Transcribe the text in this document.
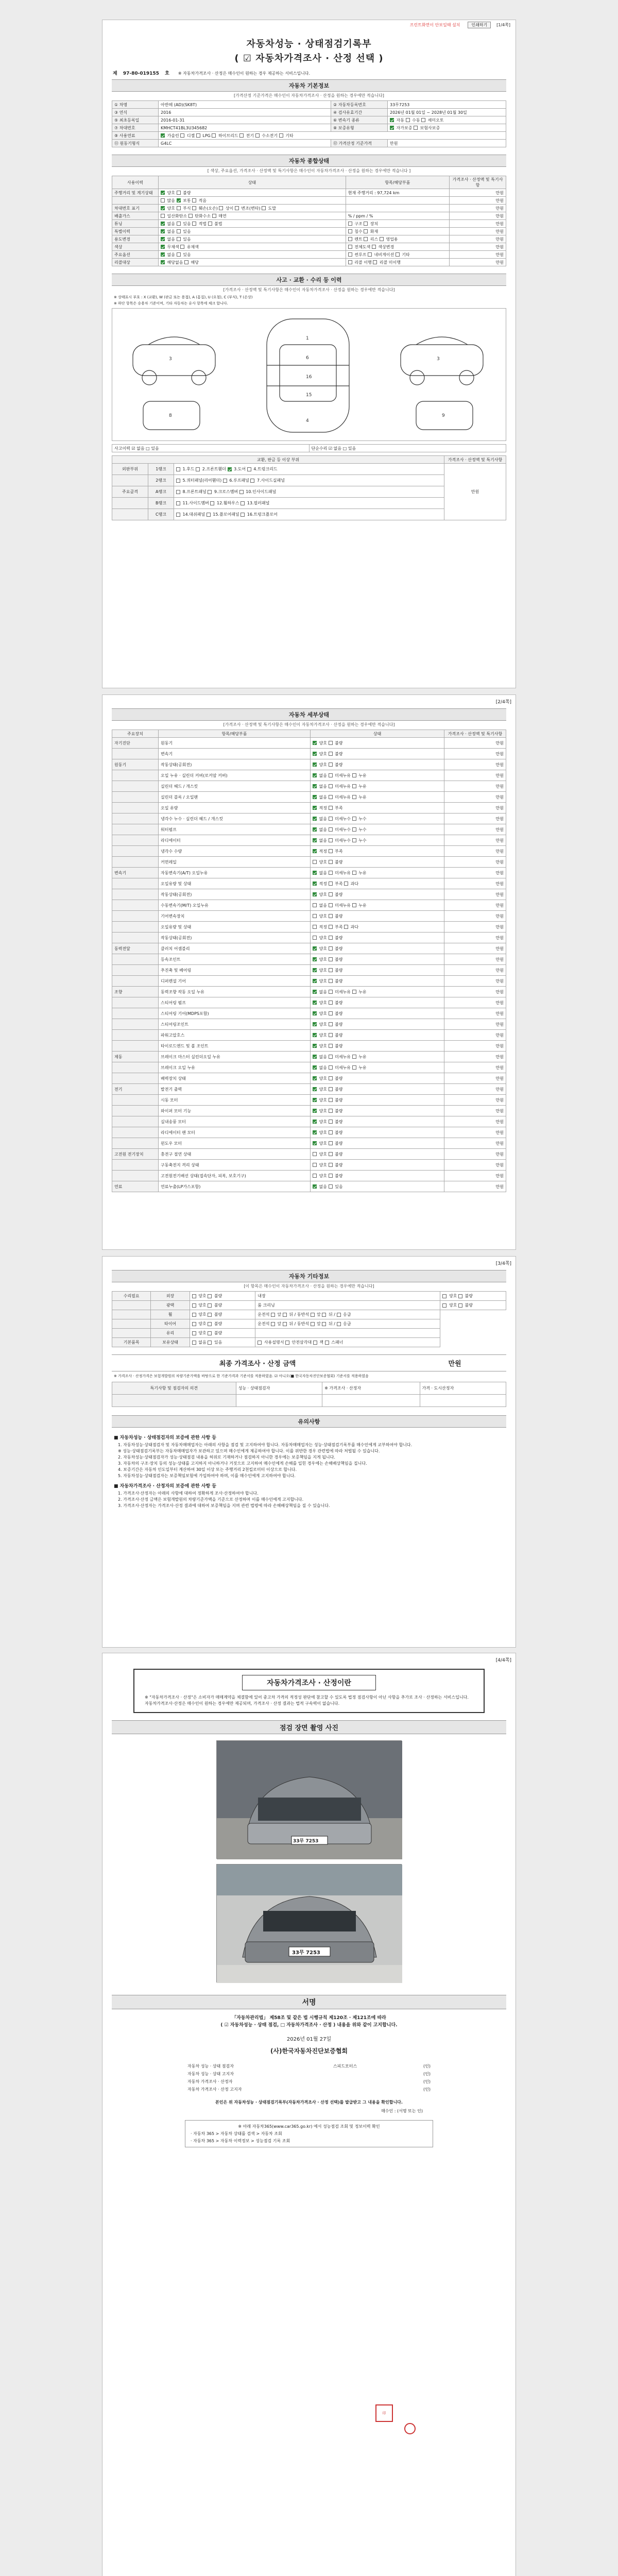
프린트화면이 안보일때 설치	인쇄하기 [1/4쪽]
자동차성능 · 상태점검기록부
( ☑ 자동차가격조사 · 산정 선택 )
제 97-80-019155 호 ※ 자동차가격조사 · 산정은 매수인이 원하는 경우 제공하는 서비스입니다.
자동차 기본정보
[가격산정 기준가격은 매수인이 자동차가격조사 · 산정을 원하는 경우에만 적습니다]
① 차명	아반떼 (AD)(SK8T)	② 자동차등록번호	33무7253
③ 연식	2016	④ 검사유효기간	2026년 01월 01일 ~ 2028년 01월 30일
⑤ 최초등록일	2016-01-31	⑥ 변속기 종류	자동  수동  세미오토
⑦ 차대번호	KMHCT41BL3U345682	⑧ 보증유형	자가보증  보험사보증
⑨ 사용연료	가솔린  디젤  LPG  하이브리드  전기  수소전기  기타		
⑪ 원동기형식	G4LC	⑫ 가격산정 기준가격	만원
자동차 종합상태
[ 색상, 주요옵션, 가격조사 · 산정액 및 특기사항은 매수인이 자동차가격조사 · 산정을 원하는 경우에만 적습니다 ]
사용이력	상태	항목/해당부품	가격조사 · 산정액 및 특기사항
주행거리 및 계기상태	양호  불량	현재 주행거리 : 97,724 km	만원
	많음  보통  적음		만원
차대번호 표기	양호  부식  훼손(오손)  상이  변조(변타)  도말		만원
배출가스	일산화탄소  탄화수소  매연	% / ppm / %	만원
튜닝	없음  있음  적법  불법	구조  장치	만원
특별이력	없음  있음	침수  화재	만원
용도변경	없음  있음	렌트  리스  영업용	만원
색상	무채색  유채색	전체도색  색상변경	만원
주요옵션	없음  있음	썬루프  네비게이션  기타	만원
리콜대상	해당없음  해당	리콜 이행  리콜 미이행	만원
사고 · 교환 · 수리 등 이력
[가격조사 · 산정액 및 특기사항은 매수인이 자동차가격조사 · 산정을 원하는 경우에만 적습니다]
※ 상태표시 부호 : X (교환), W (판금 또는 용접), A (흠집), U (요철), C (부식), T (손상)
※ 하단 항목은 승용차 기준이며, 기타 자동차는 유사 항목에 체크 합니다.
1
6
16
15
4
3	3
8	9
사고이력 ☑ 없음 □ 있음	단순수리 ☑ 없음 □ 있음
교환, 판금 등 이상 부위			가격조사 · 산정액 및 특기사항
외판부위	1랭크	1.후드  2.프론트휀더  3.도어  4.트렁크리드	만원
	2랭크	5.쿼터패널(리어휀더)  6.루프패널  7.사이드실패널	
주요골격	A랭크	8.프론트패널  9.크로스멤버  10.인사이드패널	
	B랭크	11.사이드멤버  12.휠하우스  13.필러패널	
	C랭크	14.대쉬패널  15.플로어패널  16.트렁크플로어	
[2/4쪽]
자동차 세부상태
[가격조사 · 산정액 및 특기사항은 매수인이 자동차가격조사 · 산정을 원하는 경우에만 적습니다]
주요장치	항목/해당부품	상태	가격조사 · 산정액 및 특기사항
자기진단	원동기	양호  불량	만원
	변속기	양호  불량	만원
원동기	작동상태(공회전)	양호  불량	만원
	오일 누유 · 실린더 커버(로커암 커버)	없음  미세누유  누유	만원
	실린더 헤드 / 개스킷	없음  미세누유  누유	만원
	실린더 블록 / 오일팬	없음  미세누유  누유	만원
	오일 유량	적정  부족	만원
	냉각수 누수 · 실린더 헤드 / 개스킷	없음  미세누수  누수	만원
	워터펌프	없음  미세누수  누수	만원
	라디에이터	없음  미세누수  누수	만원
	냉각수 수량	적정  부족	만원
	커먼레일	양호  불량	만원
변속기	자동변속기(A/T) 오일누유	없음  미세누유  누유	만원
	오일유량 및 상태	적정  부족  과다	만원
	작동상태(공회전)	양호  불량	만원
	수동변속기(M/T) 오일누유	없음  미세누유  누유	만원
	기어변속장치	양호  불량	만원
	오일유량 및 상태	적정  부족  과다	만원
	작동상태(공회전)	양호  불량	만원
동력전달	클러치 어셈블리	양호  불량	만원
	등속조인트	양호  불량	만원
	추진축 및 베어링	양호  불량	만원
	디퍼렌셜 기어	양호  불량	만원
조향	동력조향 작동 오일 누유	없음  미세누유  누유	만원
	스티어링 펌프	양호  불량	만원
	스티어링 기어(MDPS포함)	양호  불량	만원
	스티어링조인트	양호  불량	만원
	파워고압호스	양호  불량	만원
	타이로드엔드 및 볼 조인트	양호  불량	만원
제동	브레이크 마스터 실린더오일 누유	없음  미세누유  누유	만원
	브레이크 오일 누유	없음  미세누유  누유	만원
	배력장치 상태	양호  불량	만원
전기	발전기 출력	양호  불량	만원
	시동 모터	양호  불량	만원
	와이퍼 모터 기능	양호  불량	만원
	실내송풍 모터	양호  불량	만원
	라디에이터 팬 모터	양호  불량	만원
	윈도우 모터	양호  불량	만원
고전원 전기장치	충전구 절연 상태	양호  불량	만원
	구동축전지 격리 상태	양호  불량	만원
	고전원전기배선 상태(접속단자, 피복, 보호기구)	양호  불량	만원
연료	연료누출(LP가스포함)	없음  있음	만원
[3/4쪽]
자동차 기타정보
[이 항목은 매수인이 자동차가격조사 · 산정을 원하는 경우에만 적습니다]
수리필요	외장	양호  불량	내장	양호  불량
	광택	양호  불량	룸 크리닝	양호  불량
	휠	양호  불량	운전석  앞  뒤 / 동반석  앞  뒤 /  응급	
	타이어	양호  불량	운전석  앞  뒤 / 동반석  앞  뒤 /  응급	
	유리	양호  불량		
기본품목	보유상태	없음  있음	사용설명서  안전삼각대  잭  스패너	
최종 가격조사 · 산정 금액	만원
※ 가격조사 · 산정가격은 보험개발원의 차량기준가액을 바탕으로 한 기준가격과 기준서를 적용하였음. ☑ 아니오(■ 한국자동차진단보증협회) 기준서를 적용하였음
특기사항 및 점검자의 의견	성능 · 상태점검자	※ 가격조사 · 산정자	가격 · 도시산정자

유의사항
■ 자동차성능 · 상태점검자의 보증에 관한 사항 등
1. 자동차성능·상태점검자 및 자동차매매업자는 아래의 사항을 점검 및 고지하여야 합니다. 자동차매매업자는 성능·상태점검기록부를 매수인에게 교부하여야 합니다.
※ 성능·상태점검기록부는 자동차매매업자가 보관하고 있으며 매수인에게 제공하여야 합니다. 이를 위반한 경우 관련법에 따라 처벌될 수 있습니다.
2. 자동차성능·상태점검자가 성능·상태점검 내용을 허위로 기재하거나 점검하지 아니한 경우에는 보증책임을 지게 됩니다.
3. 자동차의 구조·장치 등의 성능·상태를 고지하지 아니하거나 거짓으로 고지하여 매수인에게 손해를 입힌 경우에는 손해배상책임을 집니다.
4. 보증기간은 자동차 인도일부터 계산하여 30일 이상 또는 주행거리 2천킬로미터 이상으로 합니다.
5. 자동차성능·상태점검자는 보증책임보험에 가입하여야 하며, 이를 매수인에게 고지하여야 합니다.
■ 자동차가격조사 · 산정자의 보증에 관한 사항 등
1. 가격조사·산정자는 아래의 사항에 대하여 정확하게 조사·산정하여야 합니다.
2. 가격조사·산정 금액은 보험개발원의 차량기준가액을 기준으로 산정하며 이를 매수인에게 고지합니다.
3. 가격조사·산정자는 가격조사·산정 결과에 대하여 보증책임을 지며 관련 법령에 따라 손해배상책임을 질 수 있습니다.
[4/4쪽]
자동차가격조사 · 산정이란
※ "자동차가격조사 · 산정"은 소비자가 매매계약을 체결함에 있어 중고차 가격의 적정성 판단에 참고할 수 있도록 법정 점검사항이 아닌 사항을 추가로 조사 · 산정하는 서비스입니다. 자동차가격조사·산정은 매수인이 원하는 경우에만 제공되며, 가격조사 · 산정 결과는 법적 구속력이 없습니다.
점검 장면 촬영 사진
33무 7253
33무 7253
서명
「자동차관리법」 제58조 및 같은 법 시행규칙 제120조 · 제121조에 따라
( ☑ 자동차성능 · 상태 점검, □ 자동차가격조사 · 산정 ) 내용을 위와 같이 고지합니다.
2026년 01월 27일
(사)한국자동차진단보증협회
印
자동차 성능 · 상태 점검자	스피드모터스	(인)
자동차 성능 · 상태 고지자		(인)
자동차 가격조사 · 산정자		(인)
자동차 가격조사 · 산정 고지자		(인)
본인은 위 자동차성능 · 상태점검기록부(자동차가격조사 · 산정 선택)를 발급받고 그 내용을 확인합니다.
매수인 : (서명 또는 인)
※ 아래 자동차365(www.car365.go.kr) 에서 성능점검 조회 및 정보이력 확인
· 자동차 365 > 자동차 상태를 검색 > 자동차 조회
· 자동차 365 > 자동차 이력정보 > 성능점검 기록 조회
